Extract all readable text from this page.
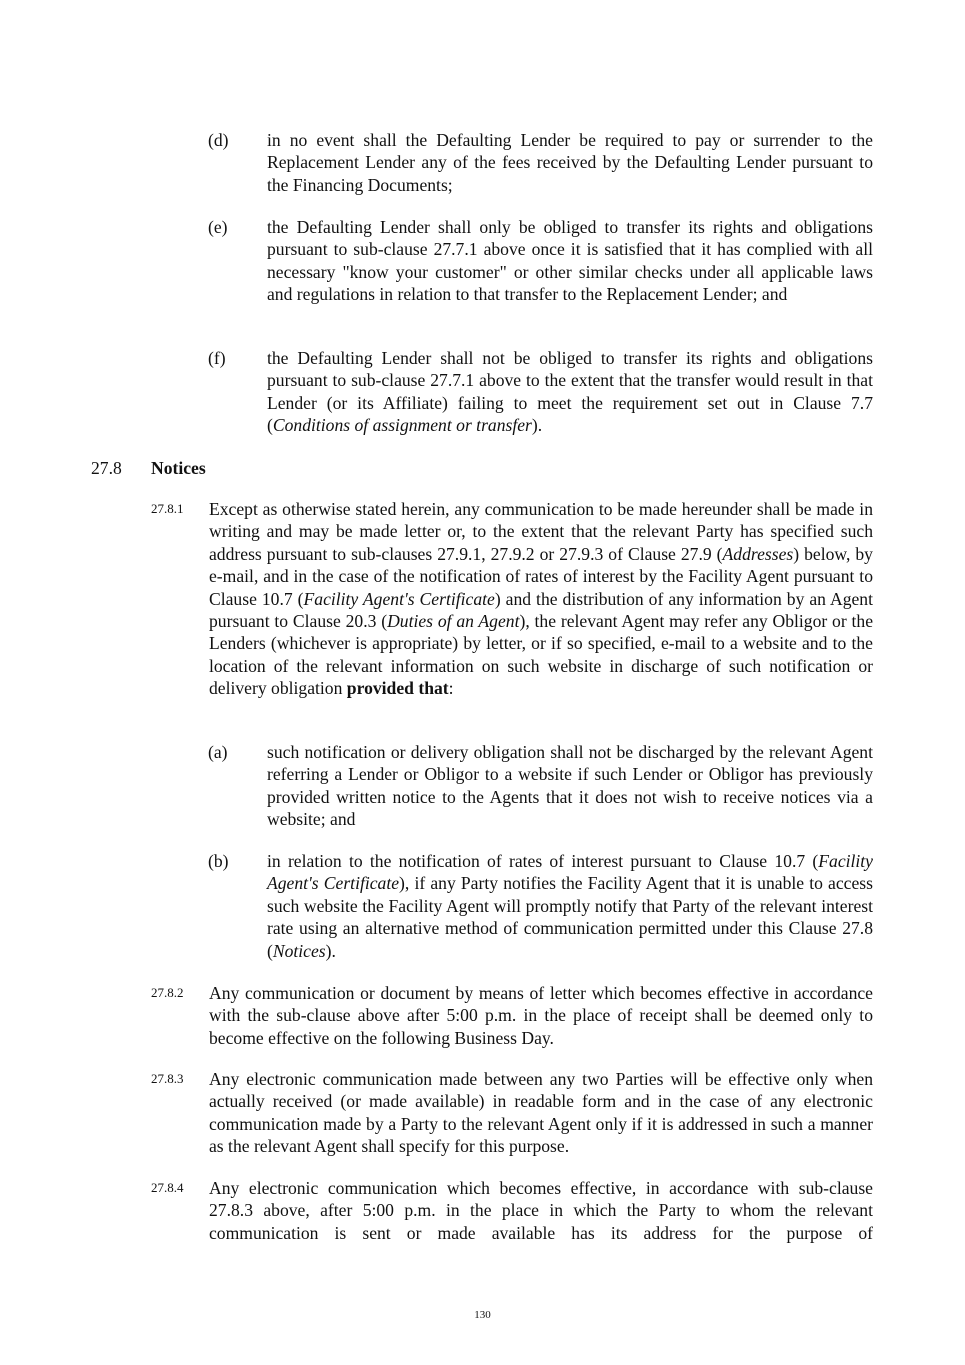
(d) in no event shall the Defaulting Lender be required to pay or surrender to the Replacement Lender any of the fees received by the Defaulting Lender pursuant to the Financing Documents;

(e) the Defaulting Lender shall only be obliged to transfer its rights and obligations pursuant to sub-clause 27.7.1 above once it is satisfied that it has complied with all necessary "know your customer" or other similar checks under all applicable laws and regulations in relation to that transfer to the Replacement Lender; and

(f) the Defaulting Lender shall not be obliged to transfer its rights and obligations pursuant to sub-clause 27.7.1 above to the extent that the transfer would result in that Lender (or its Affiliate) failing to meet the requirement set out in Clause 7.7 (Conditions of assignment or transfer).

27.8 Notices
27.8.1 Except as otherwise stated herein, any communication to be made hereunder shall be made in writing and may be made letter or, to the extent that the relevant Party has specified such address pursuant to sub-clauses 27.9.1, 27.9.2 or 27.9.3 of Clause 27.9 (Addresses) below, by e-mail, and in the case of the notification of rates of interest by the Facility Agent pursuant to Clause 10.7 (Facility Agent's Certificate) and the distribution of any information by an Agent pursuant to Clause 20.3 (Duties of an Agent), the relevant Agent may refer any Obligor or the Lenders (whichever is appropriate) by letter, or if so specified, e-mail to a website and to the location of the relevant information on such website in discharge of such notification or delivery obligation provided that:

(a) such notification or delivery obligation shall not be discharged by the relevant Agent referring a Lender or Obligor to a website if such Lender or Obligor has previously provided written notice to the Agents that it does not wish to receive notices via a website; and

(b) in relation to the notification of rates of interest pursuant to Clause 10.7 (Facility Agent's Certificate), if any Party notifies the Facility Agent that it is unable to access such website the Facility Agent will promptly notify that Party of the relevant interest rate using an alternative method of communication permitted under this Clause 27.8 (Notices).

27.8.2 Any communication or document by means of letter which becomes effective in accordance with the sub-clause above after 5:00 p.m. in the place of receipt shall be deemed only to become effective on the following Business Day.

27.8.3 Any electronic communication made between any two Parties will be effective only when actually received (or made available) in readable form and in the case of any electronic communication made by a Party to the relevant Agent only if it is addressed in such a manner as the relevant Agent shall specify for this purpose.

27.8.4 Any electronic communication which becomes effective, in accordance with sub-clause 27.8.3 above, after 5:00 p.m. in the place in which the Party to whom the relevant communication is sent or made available has its address for the purpose of

130
